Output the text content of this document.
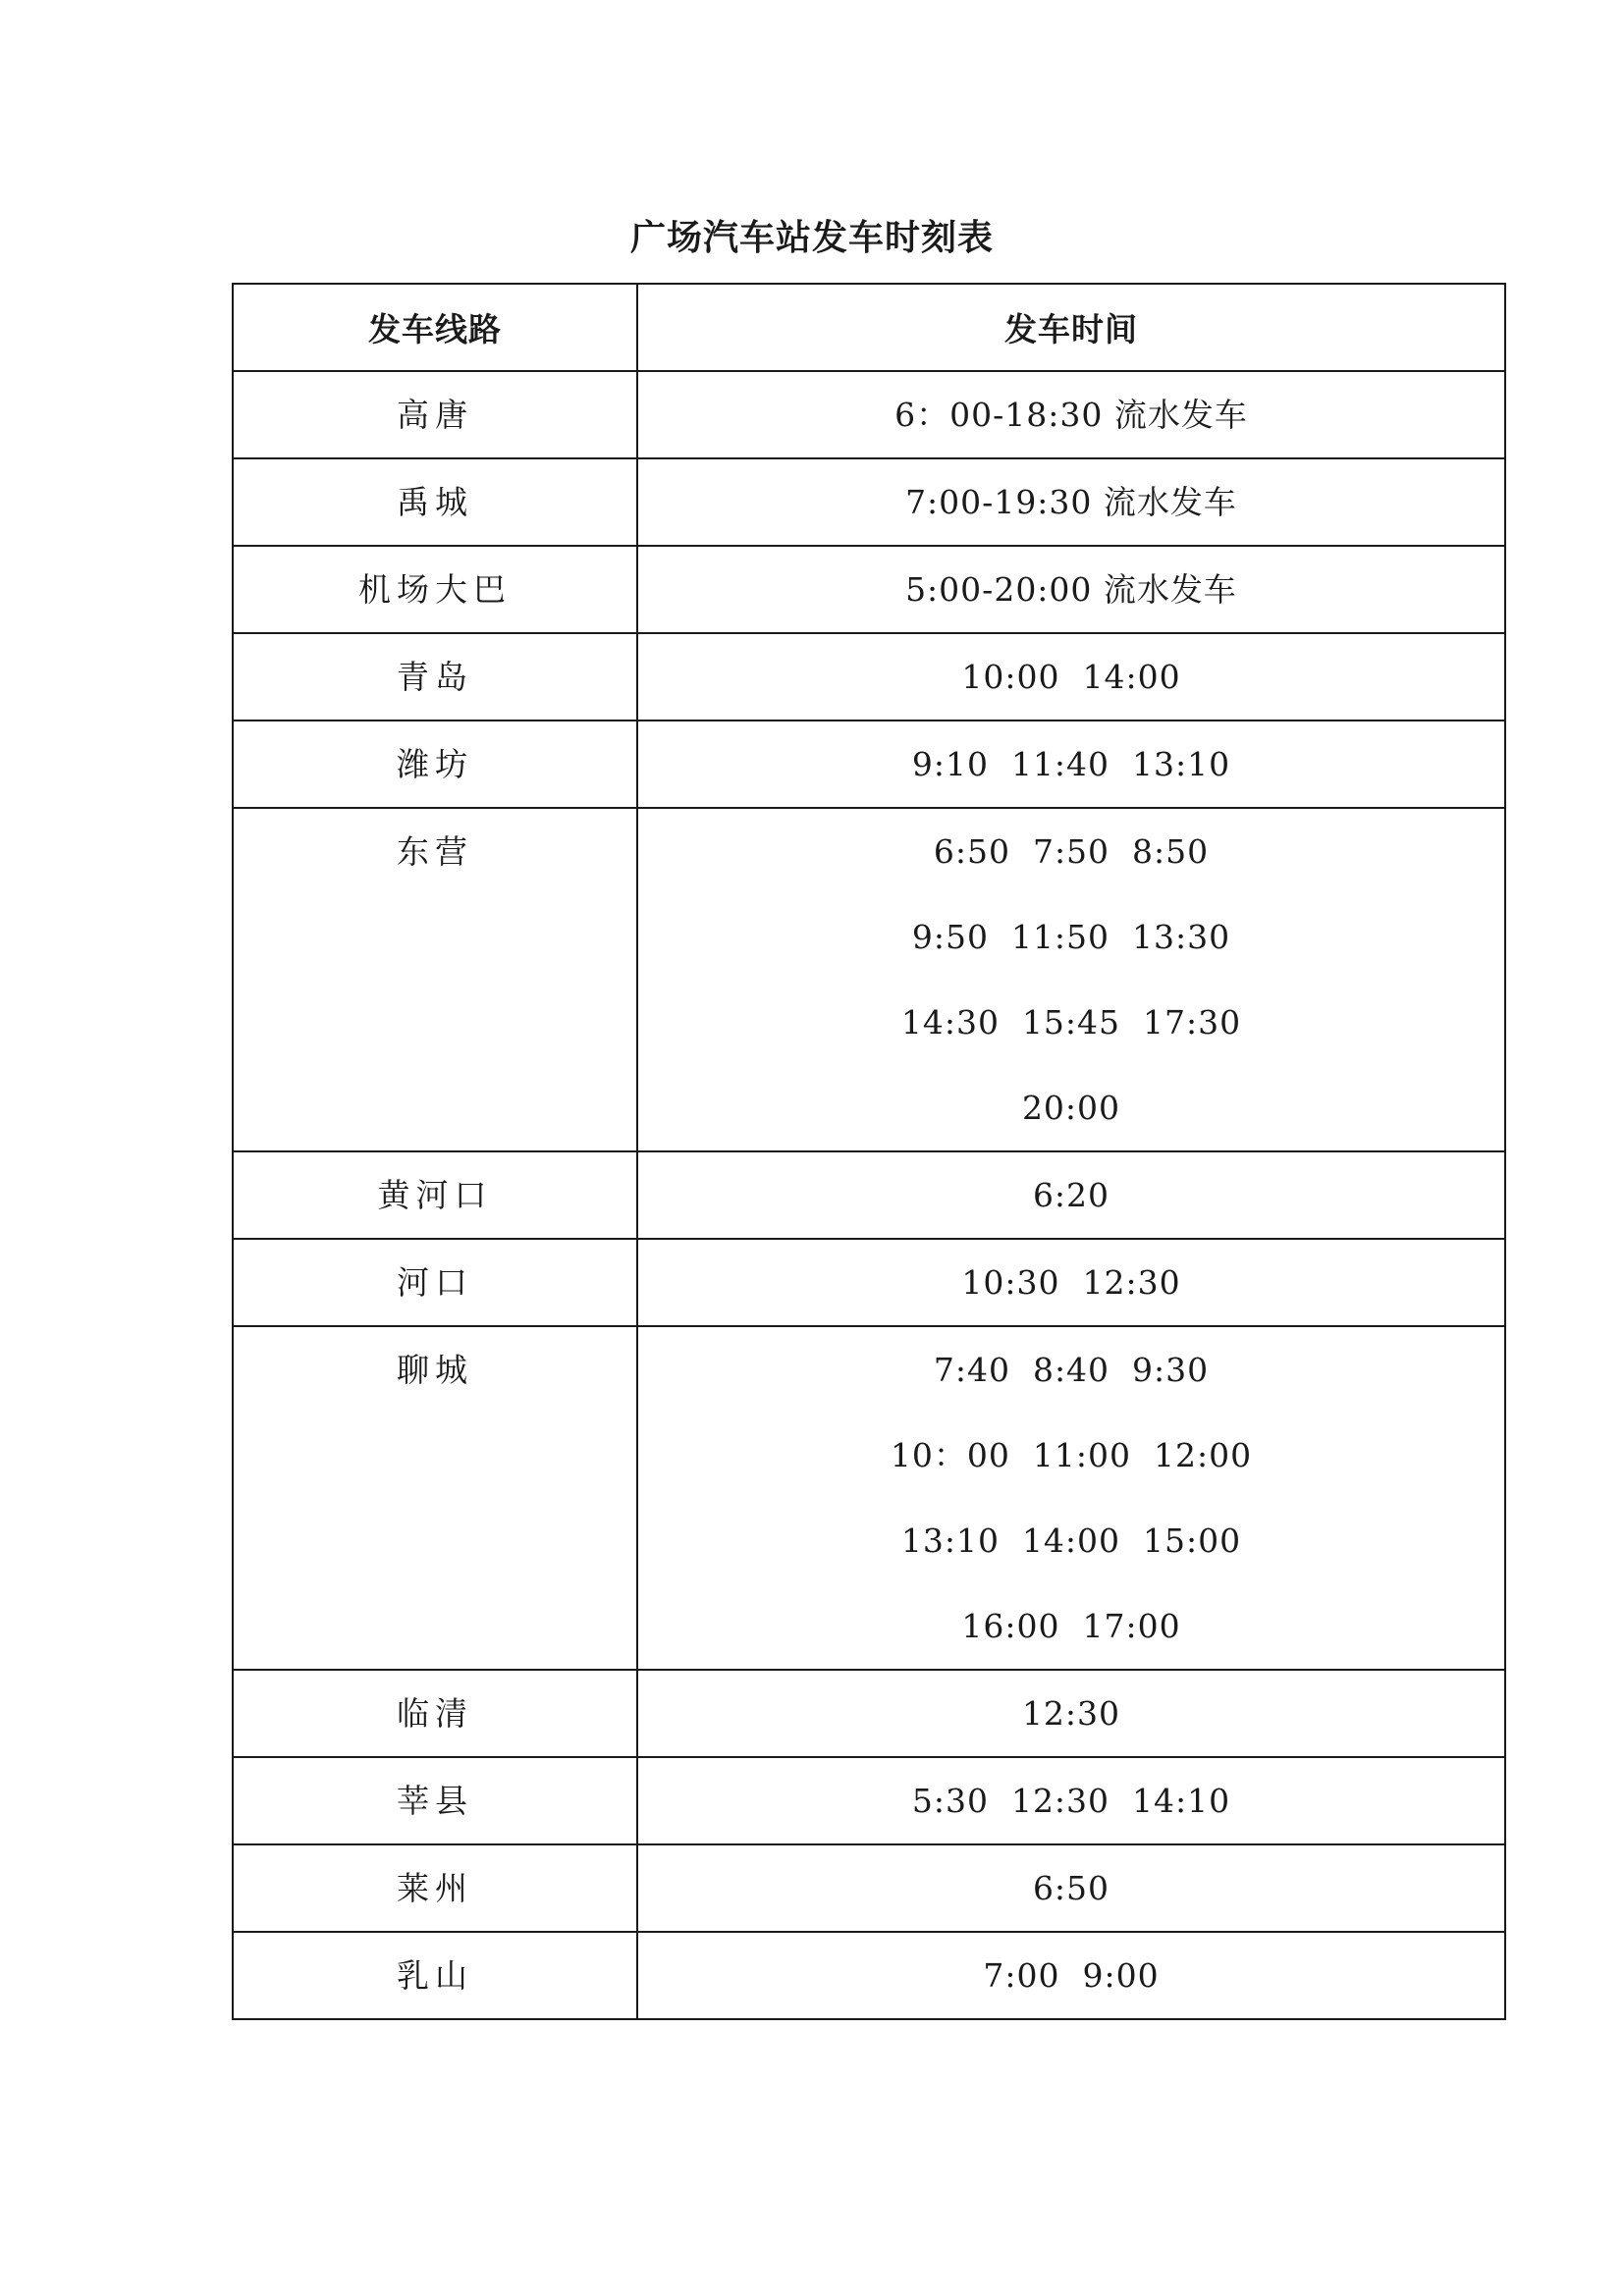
广场汽车站发车时刻表
发车线路	发车时间

高唐	6：00-18:30 流水发车

禹城	7:00-19:30 流水发车

机场大巴	5:00-20:00 流水发车

青岛	10:00  14:00

潍坊	9:10  11:40  13:10

东营	6:50  7:50  8:50
9:50  11:50  13:30
14:30  15:45  17:30
20:00

黄河口	6:20

河口	10:30  12:30

聊城	7:40  8:40  9:30
10：00  11:00  12:00
13:10  14:00  15:00
16:00  17:00

临清	12:30

莘县	5:30  12:30  14:10

莱州	6:50

乳山	7:00  9:00
